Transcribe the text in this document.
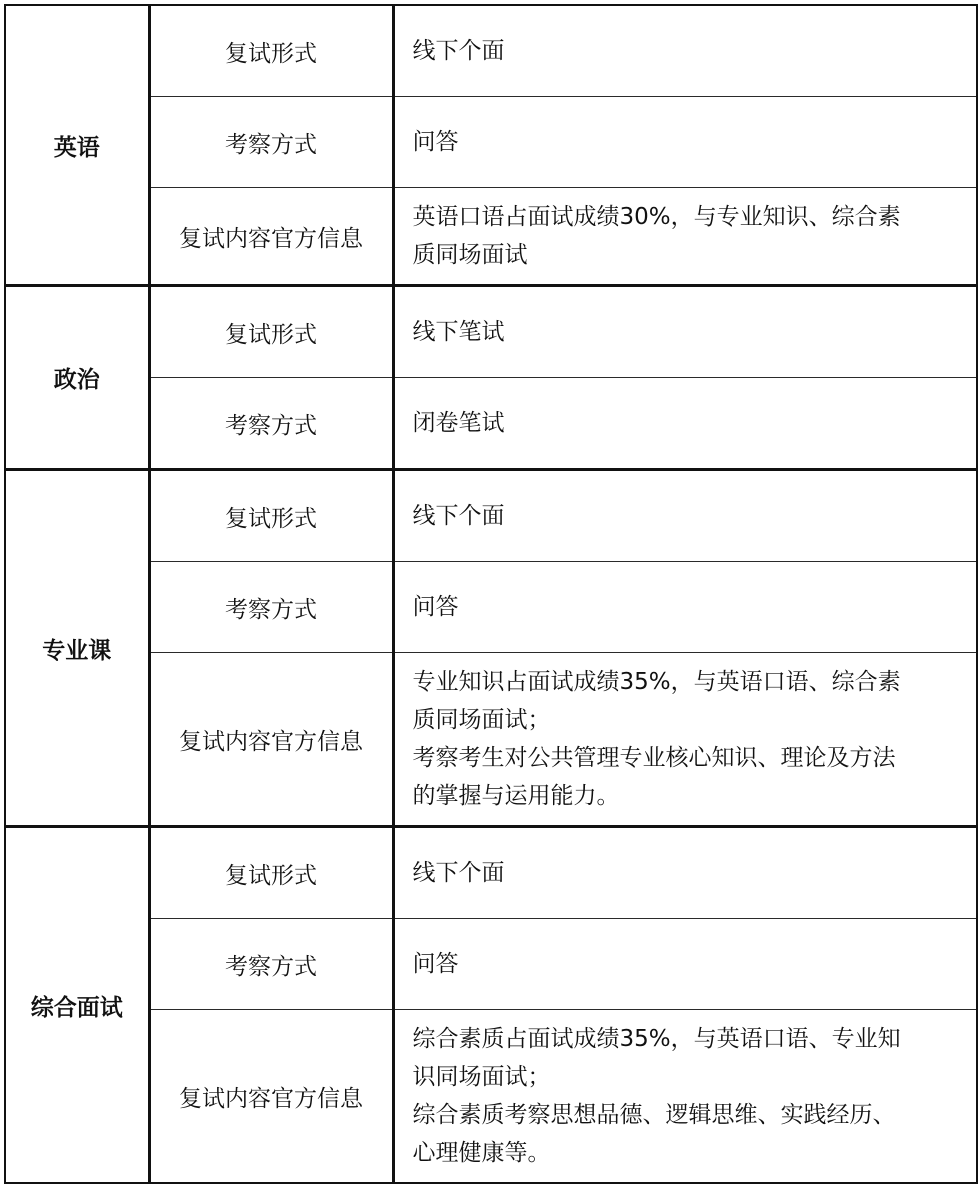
英语	复试形式	线下个面
	考察方式	问答
	复试内容官方信息	英语口语占面试成绩30%，与专业知识、综合素
质同场面试

政治	复试形式	线下笔试
	考察方式	闭卷笔试
专业课	复试形式	线下个面
	考察方式	问答
	复试内容官方信息	专业知识占面试成绩35%，与英语口语、综合素
质同场面试；
考察考生对公共管理专业核心知识、理论及方法
的掌握与运用能力。

综合面试	复试形式	线下个面
	考察方式	问答
	复试内容官方信息	综合素质占面试成绩35%，与英语口语、专业知
识同场面试；
综合素质考察思想品德、逻辑思维、实践经历、
心理健康等。
